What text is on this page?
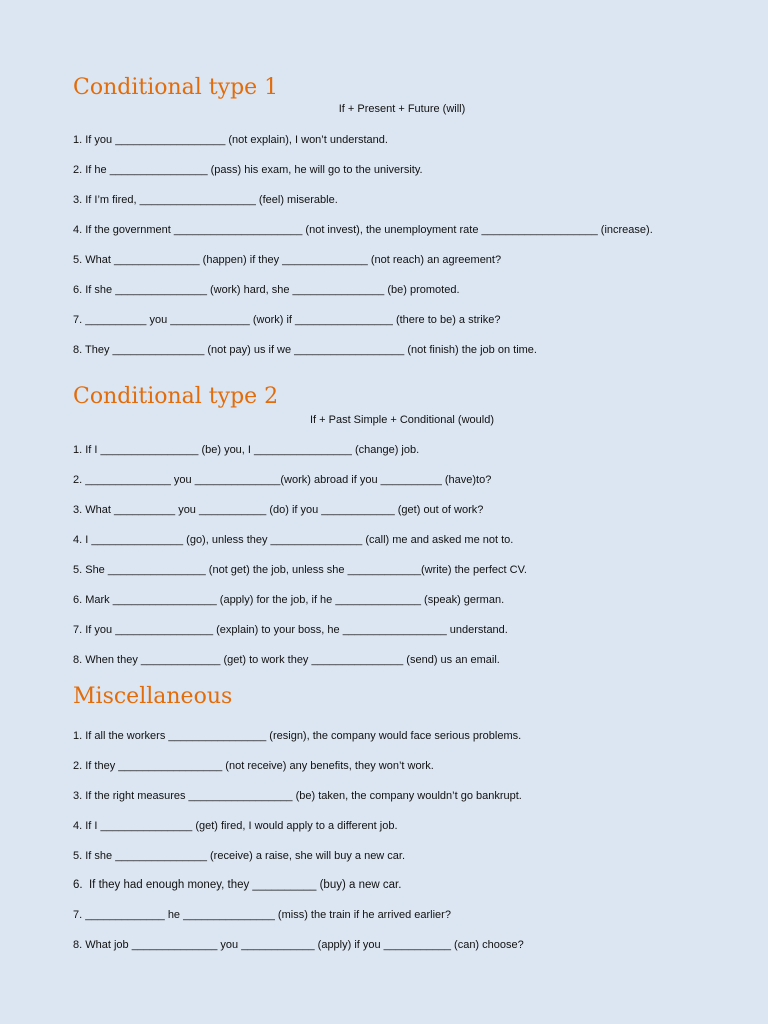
Conditional type 1
If + Present + Future (will)
1. If you __________________ (not explain), I won’t understand.
2. If he ________________ (pass) his exam, he will go to the university.
3. If I’m fired, ___________________ (feel) miserable.
4. If the government _____________________ (not invest), the unemployment rate ___________________ (increase).
5. What ______________ (happen) if they ______________ (not reach) an agreement?
6. If she _______________ (work) hard, she _______________ (be) promoted.
7. __________ you _____________ (work) if ________________ (there to be) a strike?
8. They _______________ (not pay) us if we __________________ (not finish) the job on time.
Conditional type 2
If + Past Simple + Conditional (would)
1. If I ________________ (be) you, I ________________ (change) job.
2. ______________ you ______________(work) abroad if you __________ (have)to?
3. What __________ you ___________ (do) if you ____________ (get) out of work?
4. I _______________ (go), unless they _______________ (call) me and asked me not to.
5. She ________________ (not get) the job, unless she ____________(write) the perfect CV.
6. Mark _________________ (apply) for the job, if he ______________ (speak) german.
7. If you ________________ (explain) to your boss, he _________________ understand.
8. When they _____________ (get) to work they _______________ (send) us an email.
Miscellaneous
1. If all the workers ________________ (resign), the company would face serious problems.
2. If they _________________ (not receive) any benefits, they won’t work.
3. If the right measures _________________ (be) taken, the company wouldn’t go bankrupt.
4. If I _______________ (get) fired, I would apply to a different job.
5. If she _______________ (receive) a raise, she will buy a new car.
6.  If they had enough money, they __________ (buy) a new car.
7. _____________ he _______________ (miss) the train if he arrived earlier?
8. What job ______________ you ____________ (apply) if you ___________ (can) choose?
